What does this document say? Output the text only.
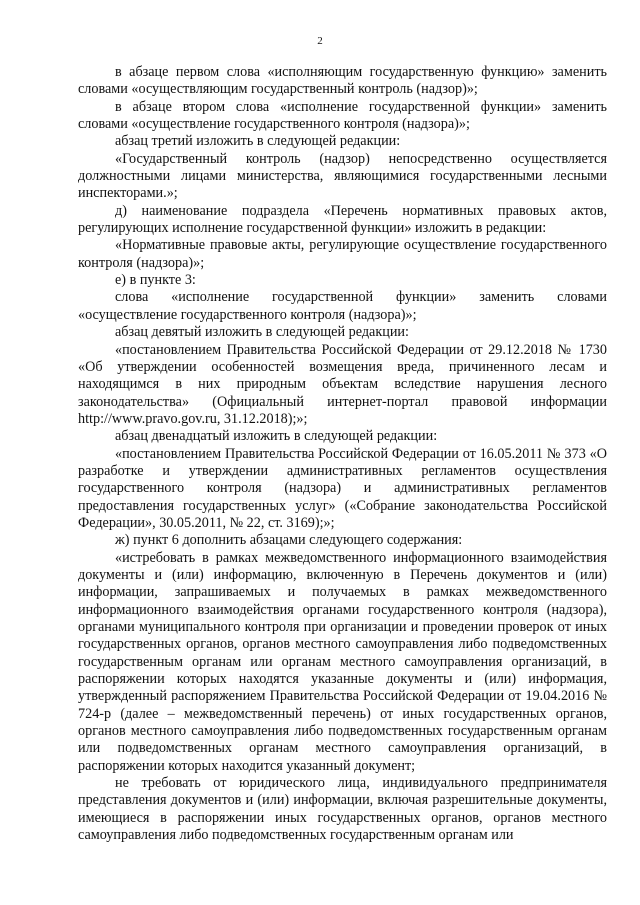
2

в абзаце первом слова «исполняющим государственную функцию» заменить словами «осуществляющим государственный контроль (надзор)»;

в абзаце втором слова «исполнение государственной функции» заменить словами «осуществление государственного контроля (надзора)»;

абзац третий изложить в следующей редакции:

«Государственный контроль (надзор) непосредственно осуществляется должностными лицами министерства, являющимися государственными лесными инспекторами.»;

д) наименование подраздела «Перечень нормативных правовых актов, регулирующих исполнение государственной функции» изложить в редакции:

«Нормативные правовые акты, регулирующие осуществление государственного контроля (надзора)»;

е) в пункте 3:

слова «исполнение государственной функции» заменить словами «осуществление государственного контроля (надзора)»;

абзац девятый изложить в следующей редакции:

«постановлением Правительства Российской Федерации от 29.12.2018 № 1730 «Об утверждении особенностей возмещения вреда, причиненного лесам и находящимся в них природным объектам вследствие нарушения лесного законодательства» (Официальный интернет-портал правовой информации http://www.pravo.gov.ru, 31.12.2018);»;

абзац двенадцатый изложить в следующей редакции:

«постановлением Правительства Российской Федерации от 16.05.2011 № 373 «О разработке и утверждении административных регламентов осуществления государственного контроля (надзора) и административных регламентов предоставления государственных услуг» («Собрание законодательства Российской Федерации», 30.05.2011, № 22, ст. 3169);»;

ж) пункт 6 дополнить абзацами следующего содержания:

«истребовать в рамках межведомственного информационного взаимодействия документы и (или) информацию, включенную в Перечень документов и (или) информации, запрашиваемых и получаемых в рамках межведомственного информационного взаимодействия органами государственного контроля (надзора), органами муниципального контроля при организации и проведении проверок от иных государственных органов, органов местного самоуправления либо подведомственных государственным органам или органам местного самоуправления организаций, в распоряжении которых находятся указанные документы и (или) информация, утвержденный распоряжением Правительства Российской Федерации от 19.04.2016 № 724-р (далее – межведомственный перечень) от иных государственных органов, органов местного самоуправления либо подведомственных государственным органам или подведомственных органам местного самоуправления организаций, в распоряжении которых находится указанный документ;

не требовать от юридического лица, индивидуального предпринимателя представления документов и (или) информации, включая разрешительные документы, имеющиеся в распоряжении иных государственных органов, органов местного самоуправления либо подведомственных государственным органам или
